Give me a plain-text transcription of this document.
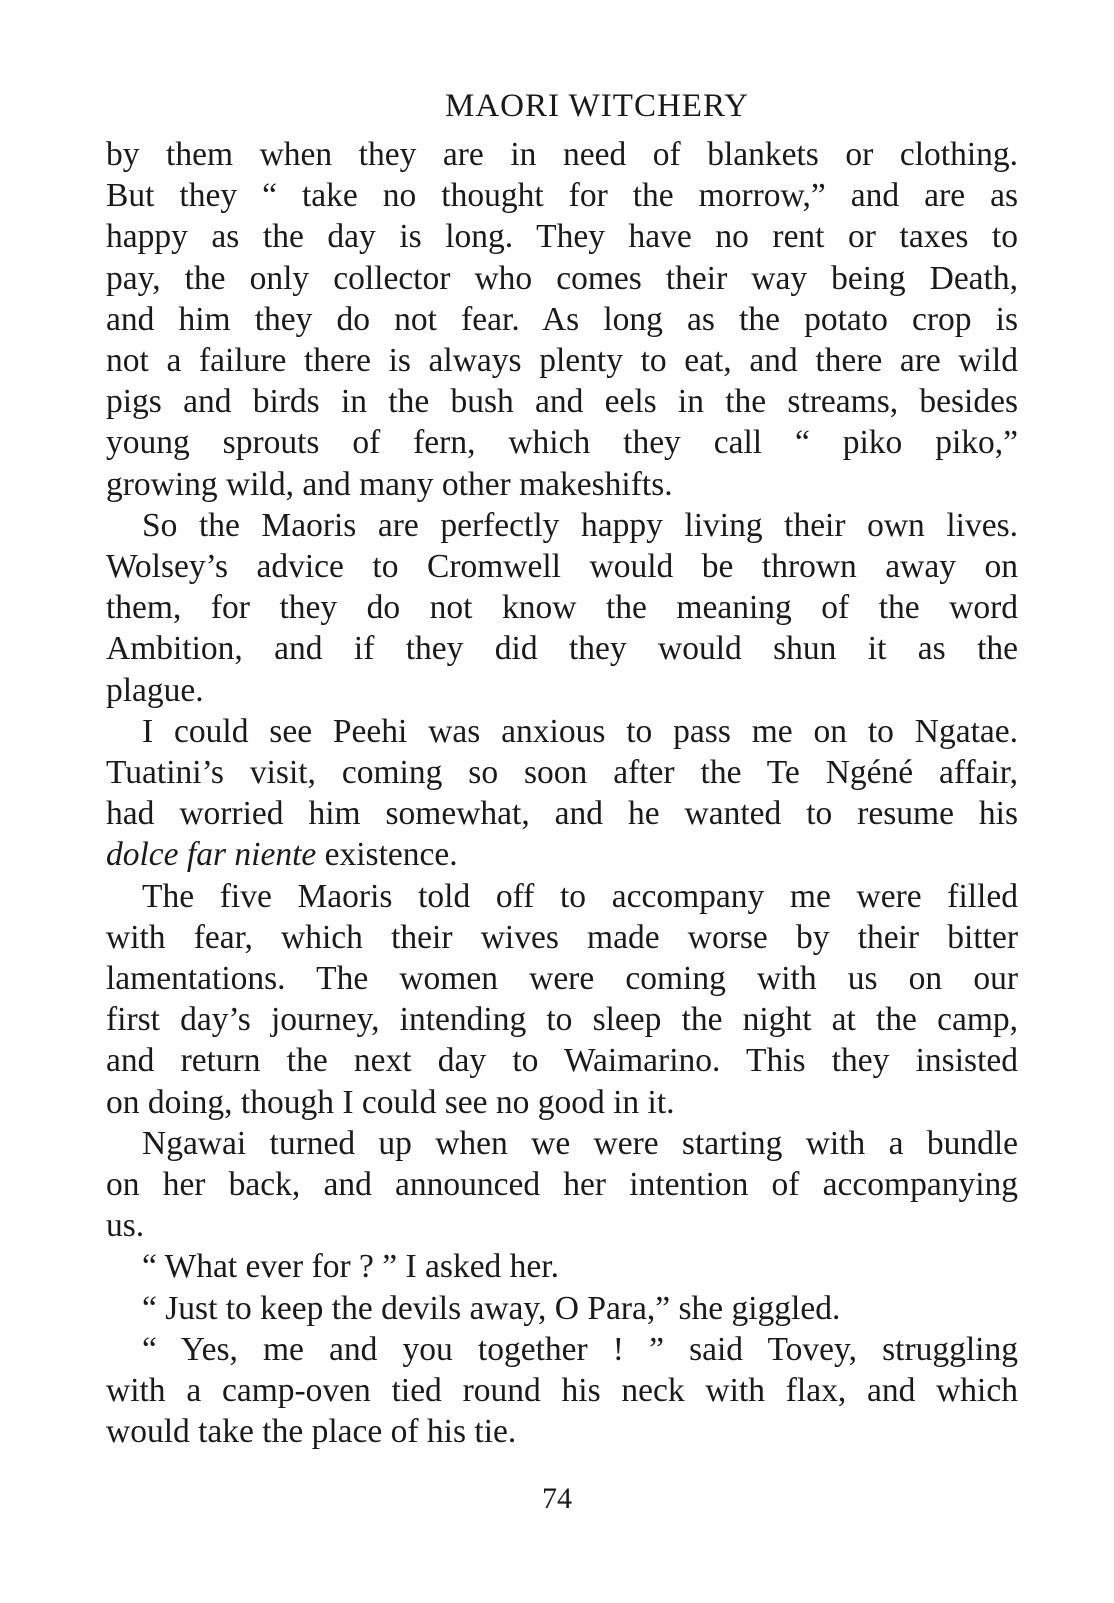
MAORI WITCHERY
by them when they are in need of blankets or clothing.
But they “ take no thought for the morrow,” and are as
happy as the day is long. They have no rent or taxes to
pay, the only collector who comes their way being Death,
and him they do not fear. As long as the potato crop is
not a failure there is always plenty to eat, and there are wild
pigs and birds in the bush and eels in the streams, besides
young sprouts of fern, which they call “ piko piko,”
growing wild, and many other makeshifts.
So the Maoris are perfectly happy living their own lives.
Wolsey’s advice to Cromwell would be thrown away on
them, for they do not know the meaning of the word
Ambition, and if they did they would shun it as the
plague.
I could see Peehi was anxious to pass me on to Ngatae.
Tuatini’s visit, coming so soon after the Te Ngéné affair,
had worried him somewhat, and he wanted to resume his
dolce far niente existence.
The five Maoris told off to accompany me were filled
with fear, which their wives made worse by their bitter
lamentations. The women were coming with us on our
first day’s journey, intending to sleep the night at the camp,
and return the next day to Waimarino. This they insisted
on doing, though I could see no good in it.
Ngawai turned up when we were starting with a bundle
on her back, and announced her intention of accompanying
us.
“ What ever for ? ” I asked her.
“ Just to keep the devils away, O Para,” she giggled.
“ Yes, me and you together ! ” said Tovey, struggling
with a camp-oven tied round his neck with flax, and which
would take the place of his tie.
74
